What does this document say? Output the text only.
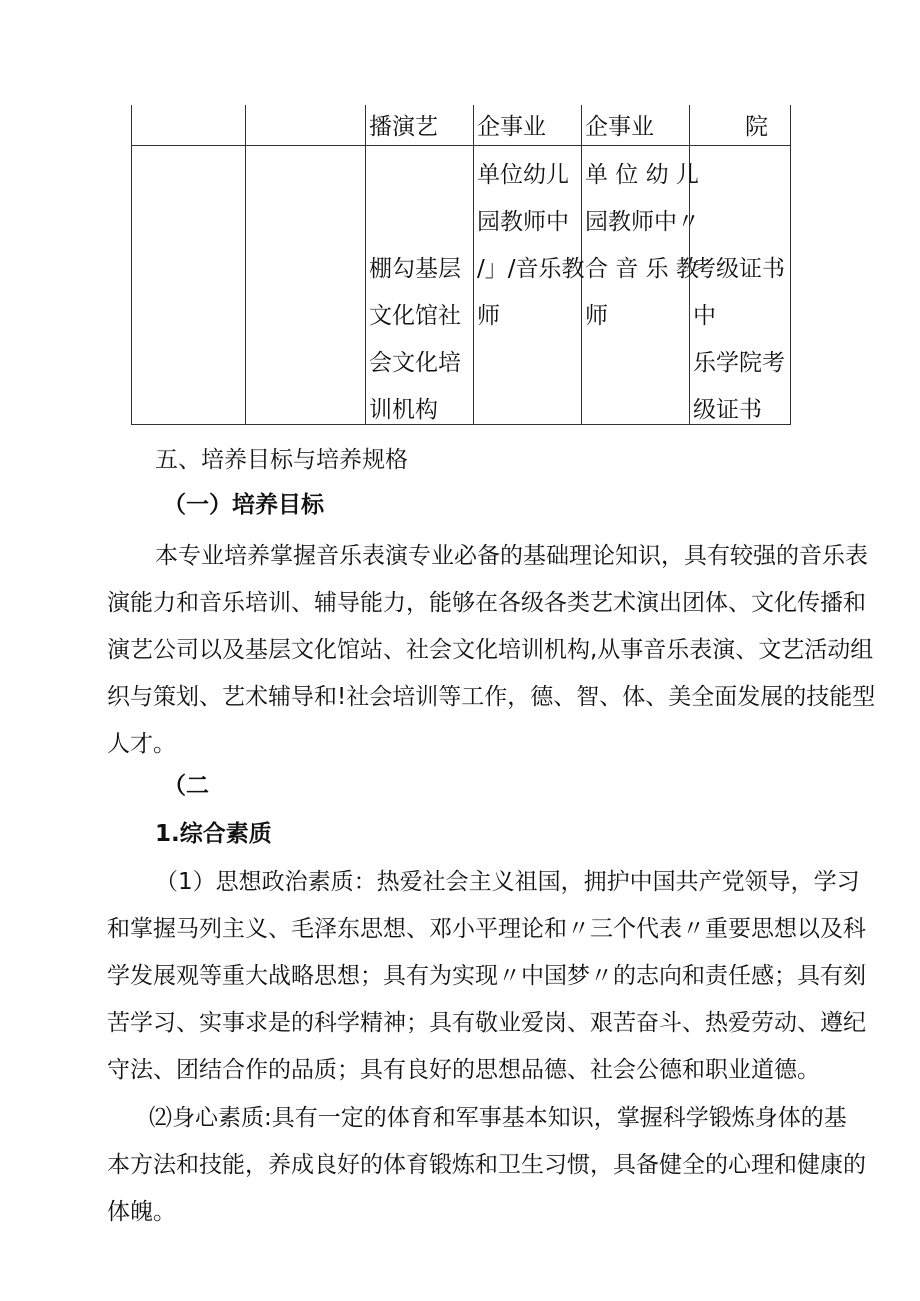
播演艺 企事业 企事业	院
棚勾基层
文化馆社
会文化培
训机构
单位幼儿
园教师中
/」/音乐教
师
单 位 幼 儿
园教师中〃
合 音 乐 教
师
考级证书
中
乐学院考
级证书
五、培养目标与培养规格
（一）培养目标
本专业培养掌握音乐表演专业必备的基础理论知识，具有较强的音乐表
演能力和音乐培训、辅导能力，能够在各级各类艺术演出团体、文化传播和
演艺公司以及基层文化馆站、社会文化培训机构,从事音乐表演、文艺活动组
织与策划、艺术辅导和!社会培训等工作，德、智、体、美全面发展的技能型
人才。
（二
1.综合素质
（1）思想政治素质：热爱社会主义祖国，拥护中国共产党领导，学习
和掌握马列主义、毛泽东思想、邓小平理论和〃三个代表〃重要思想以及科
学发展观等重大战略思想；具有为实现〃中国梦〃的志向和责任感；具有刻
苦学习、实事求是的科学精神；具有敬业爱岗、艰苦奋斗、热爱劳动、遵纪
守法、团结合作的品质；具有良好的思想品德、社会公德和职业道德。
⑵身心素质:具有一定的体育和军事基本知识，掌握科学锻炼身体的基
本方法和技能，养成良好的体育锻炼和卫生习惯，具备健全的心理和健康的
体魄。
